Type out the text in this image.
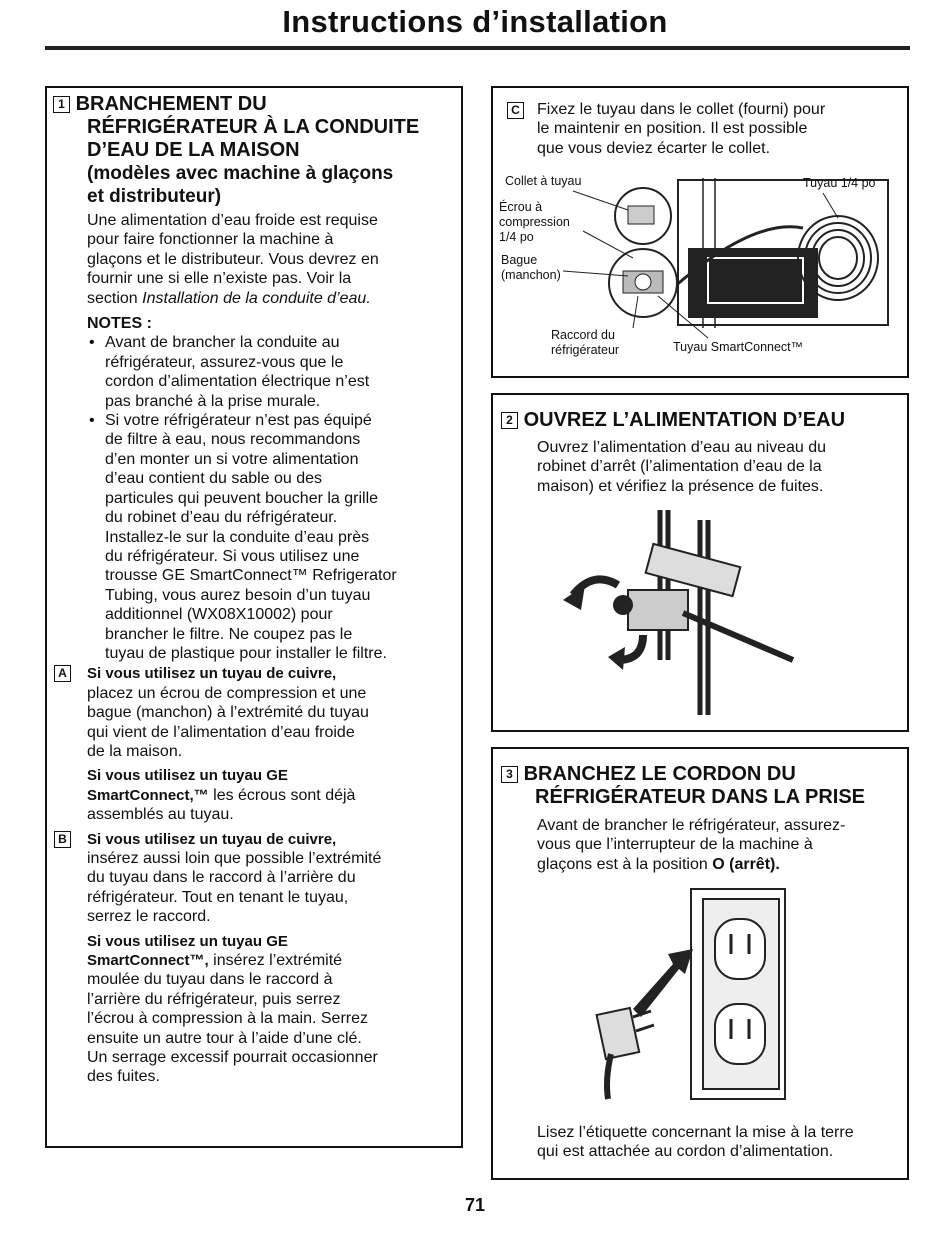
Instructions d’installation
1 BRANCHEMENT DU
RÉFRIGÉRATEUR À LA CONDUITE
D’EAU DE LA MAISON
(modèles avec machine à glaçons
et distributeur)
Une alimentation d’eau froide est requise
pour faire fonctionner la machine à
glaçons et le distributeur. Vous devrez en
fournir une si elle n’existe pas. Voir la
section Installation de la conduite d’eau.
NOTES :
• Avant de brancher la conduite au
réfrigérateur, assurez-vous que le
cordon d’alimentation électrique n’est
pas branché à la prise murale.
• Si votre réfrigérateur n’est pas équipé
de filtre à eau, nous recommandons
d’en monter un si votre alimentation
d’eau contient du sable ou des
particules qui peuvent boucher la grille
du robinet d’eau du réfrigérateur.
Installez-le sur la conduite d’eau près
du réfrigérateur. Si vous utilisez une
trousse GE SmartConnect™ Refrigerator
Tubing, vous aurez besoin d’un tuyau
additionnel (WX08X10002) pour
brancher le filtre. Ne coupez pas le
tuyau de plastique pour installer le filtre.
A Si vous utilisez un tuyau de cuivre,
placez un écrou de compression et une
bague (manchon) à l’extrémité du tuyau
qui vient de l’alimentation d’eau froide
de la maison.
Si vous utilisez un tuyau GE
SmartConnect,™ les écrous sont déjà
assemblés au tuyau.
B Si vous utilisez un tuyau de cuivre,
insérez aussi loin que possible l’extrémité
du tuyau dans le raccord à l’arrière du
réfrigérateur. Tout en tenant le tuyau,
serrez le raccord.
Si vous utilisez un tuyau GE
SmartConnect™, insérez l’extrémité
moulée du tuyau dans le raccord à
l’arrière du réfrigérateur, puis serrez
l’écrou à compression à la main. Serrez
ensuite un autre tour à l’aide d’une clé.
Un serrage excessif pourrait occasionner
des fuites.
C Fixez le tuyau dans le collet (fourni) pour
le maintenir en position. Il est possible
que vous deviez écarter le collet.
Collet à tuyau
Écrou à
compression
1/4 po
Bague
(manchon)
Raccord du
réfrigérateur
Tuyau 1/4 po
Tuyau SmartConnect™
2 OUVREZ L’ALIMENTATION D’EAU
Ouvrez l’alimentation d’eau au niveau du
robinet d’arrêt (l’alimentation d’eau de la
maison) et vérifiez la présence de fuites.
3 BRANCHEZ LE CORDON DU
RÉFRIGÉRATEUR DANS LA PRISE
Avant de brancher le réfrigérateur, assurez-
vous que l’interrupteur de la machine à
glaçons est à la position O (arrêt).
Lisez l’étiquette concernant la mise à la terre
qui est attachée au cordon d’alimentation.
71
